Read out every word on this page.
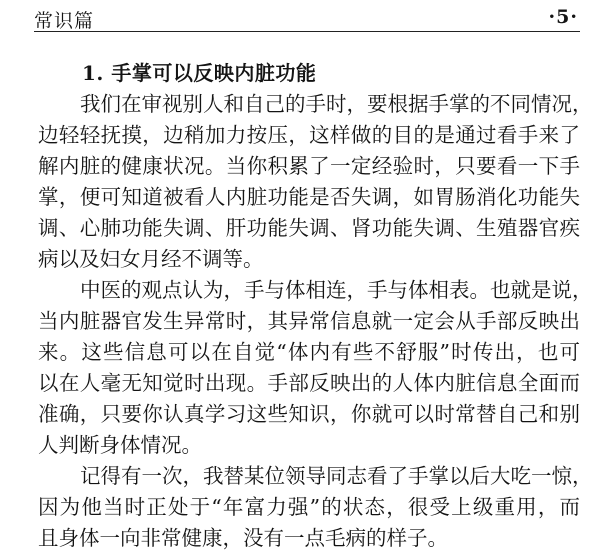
常识篇	·5·
1. 手掌可以反映内脏功能
我们在审视别人和自己的手时，要根据手掌的不同情况，
边轻轻抚摸，边稍加力按压，这样做的目的是通过看手来了
解内脏的健康状况。当你积累了一定经验时，只要看一下手
掌，便可知道被看人内脏功能是否失调，如胃肠消化功能失
调、心肺功能失调、肝功能失调、肾功能失调、生殖器官疾
病以及妇女月经不调等。
中医的观点认为，手与体相连，手与体相表。也就是说，
当内脏器官发生异常时，其异常信息就一定会从手部反映出
来。这些信息可以在自觉“体内有些不舒服”时传出，也可
以在人毫无知觉时出现。手部反映出的人体内脏信息全面而
准确，只要你认真学习这些知识，你就可以时常替自己和别
人判断身体情况。
记得有一次，我替某位领导同志看了手掌以后大吃一惊，
因为他当时正处于“年富力强”的状态，很受上级重用，而
且身体一向非常健康，没有一点毛病的样子。
